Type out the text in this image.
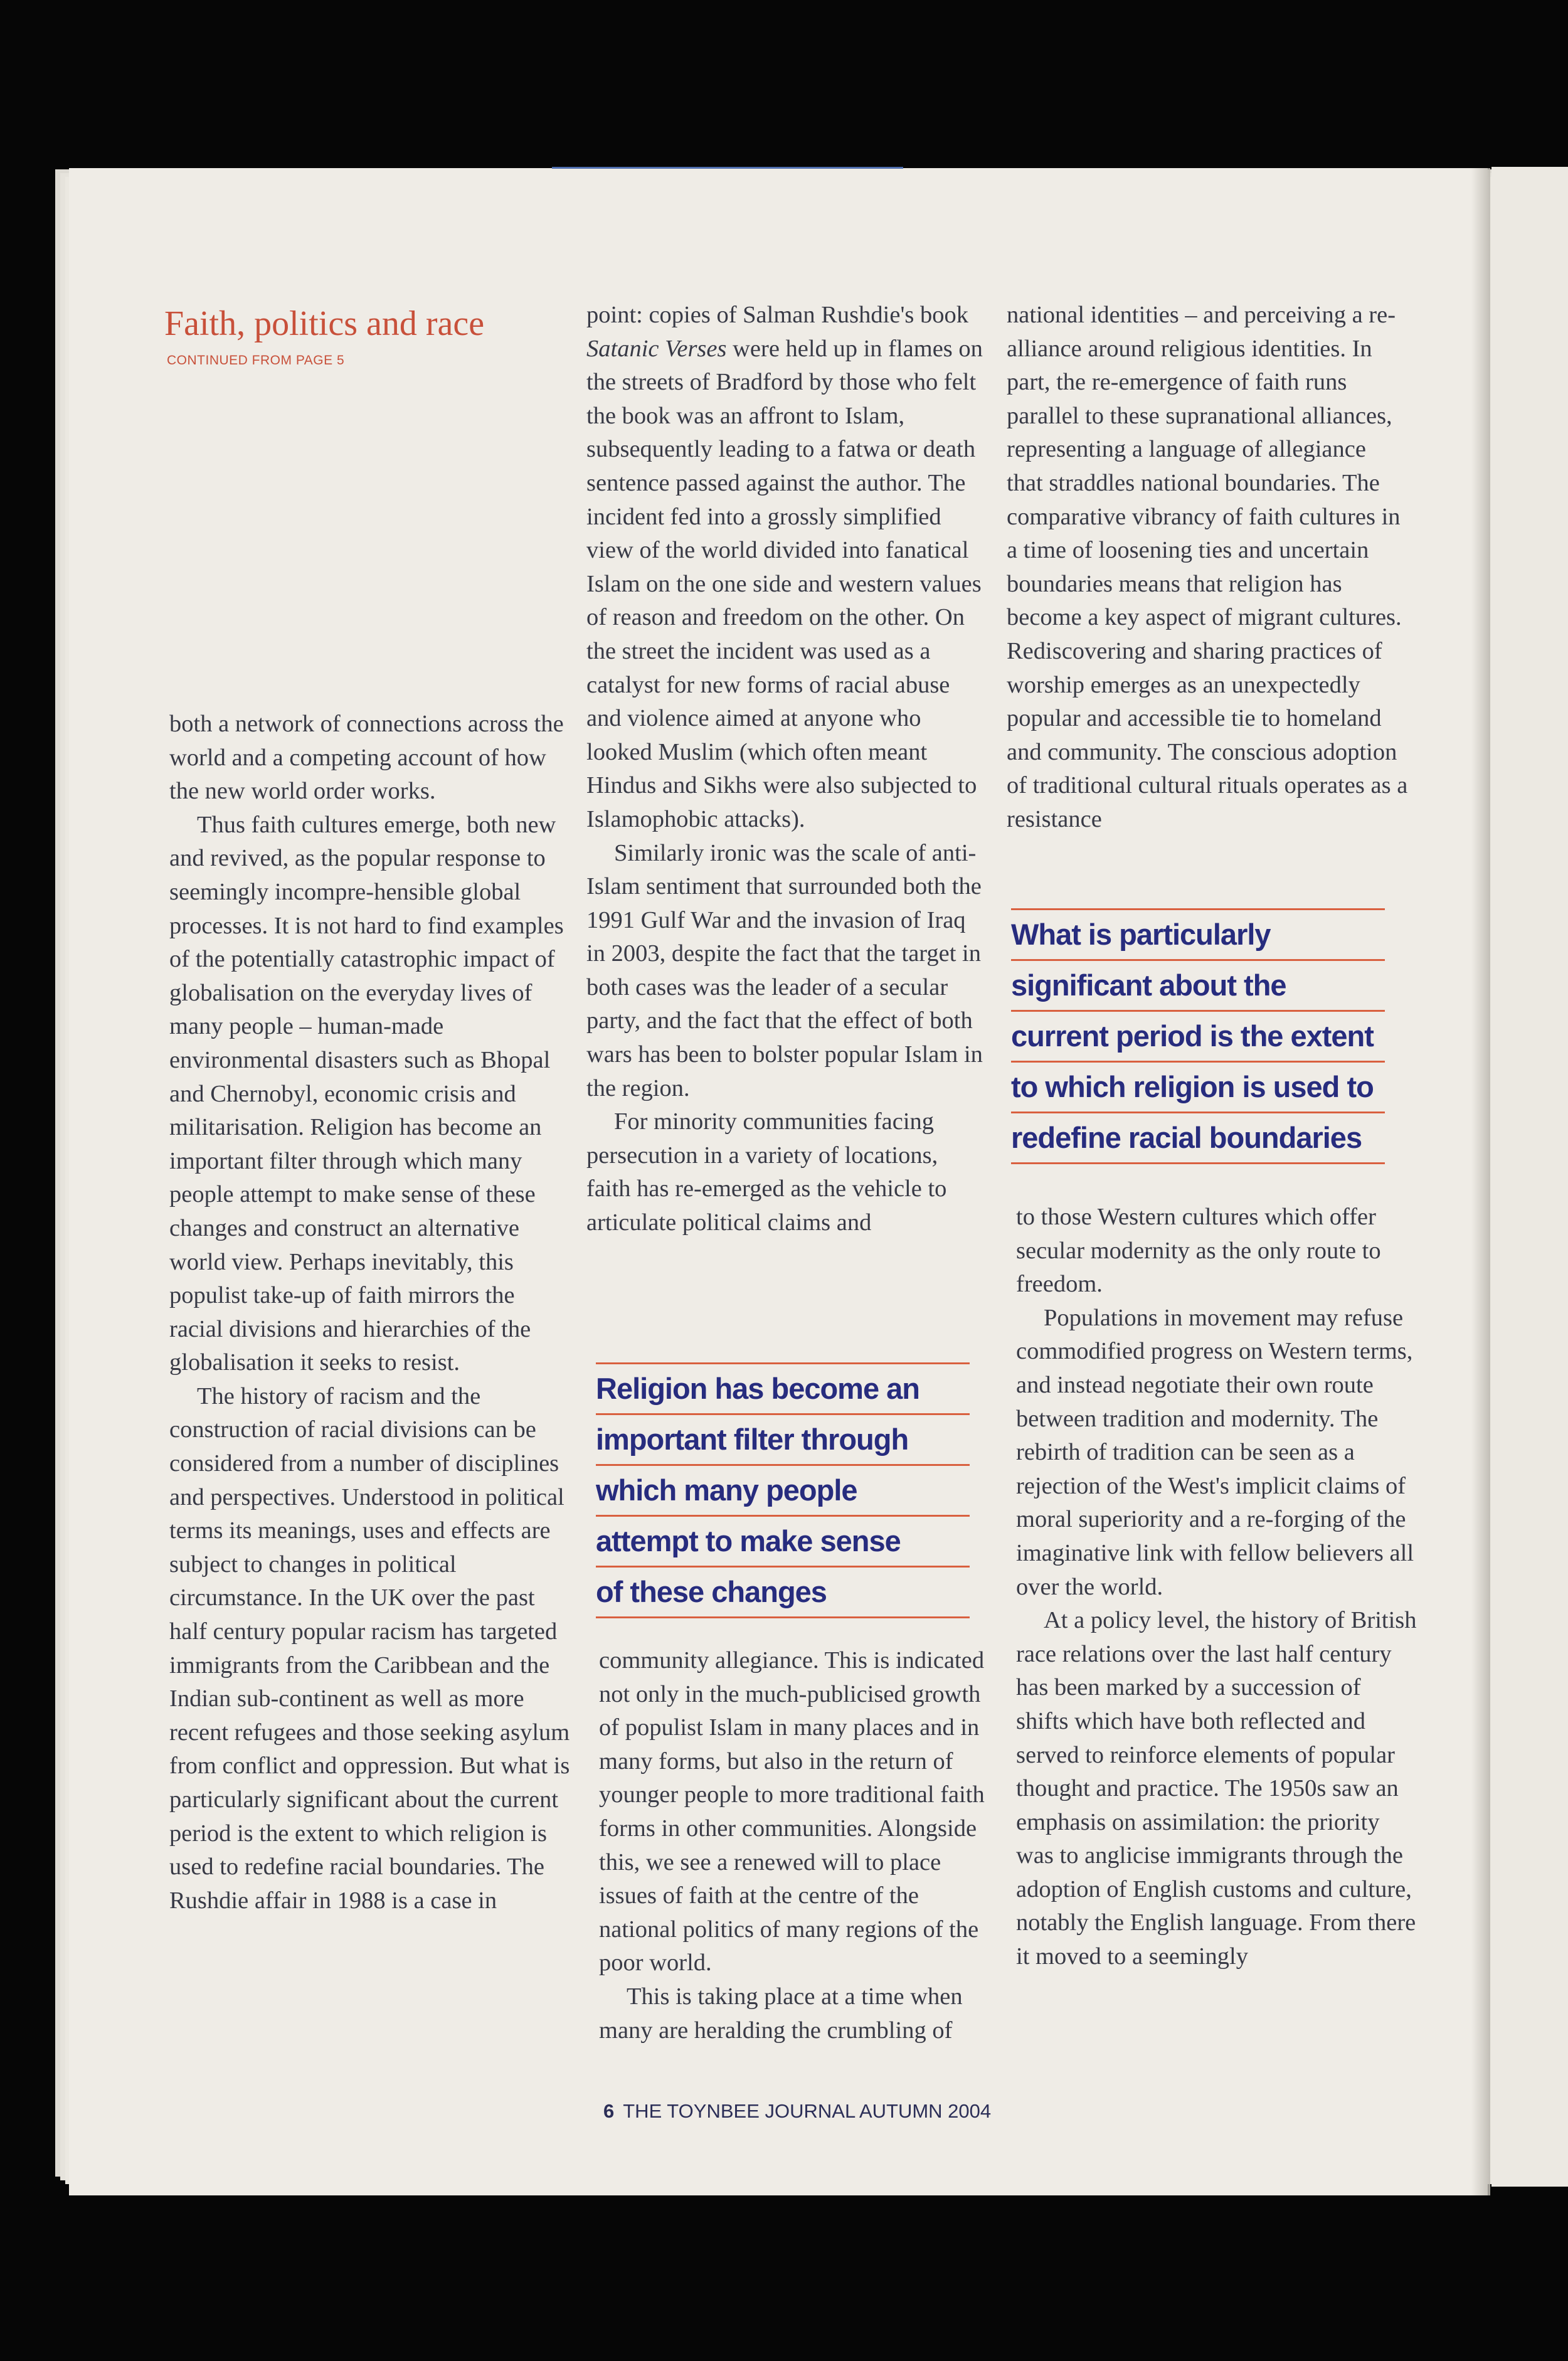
Faith, politics and race
CONTINUED FROM PAGE 5

both a network of connections across the world and a competing account of how the new world order works.

Thus faith cultures emerge, both new and revived, as the popular response to seemingly incompre-hensible global processes. It is not hard to find examples of the potentially catastrophic impact of globalisation on the everyday lives of many people – human-made environmental disasters such as Bhopal and Chernobyl, economic crisis and militarisation. Religion has become an important filter through which many people attempt to make sense of these changes and construct an alternative world view. Perhaps inevitably, this populist take-up of faith mirrors the racial divisions and hierarchies of the globalisation it seeks to resist.

The history of racism and the construction of racial divisions can be considered from a number of disciplines and perspectives. Understood in political terms its meanings, uses and effects are subject to changes in political circumstance. In the UK over the past half century popular racism has targeted immigrants from the Caribbean and the Indian sub-continent as well as more recent refugees and those seeking asylum from conflict and oppression. But what is particularly significant about the current period is the extent to which religion is used to redefine racial boundaries. The Rushdie affair in 1988 is a case in

point: copies of Salman Rushdie's book Satanic Verses were held up in flames on the streets of Bradford by those who felt the book was an affront to Islam, subsequently leading to a fatwa or death sentence passed against the author. The incident fed into a grossly simplified view of the world divided into fanatical Islam on the one side and western values of reason and freedom on the other. On the street the incident was used as a catalyst for new forms of racial abuse and violence aimed at anyone who looked Muslim (which often meant Hindus and Sikhs were also subjected to Islamophobic attacks).

Similarly ironic was the scale of anti-Islam sentiment that surrounded both the 1991 Gulf War and the invasion of Iraq in 2003, despite the fact that the target in both cases was the leader of a secular party, and the fact that the effect of both wars has been to bolster popular Islam in the region.

For minority communities facing persecution in a variety of locations, faith has re-emerged as the vehicle to articulate political claims and

Religion has become an
important filter through
which many people
attempt to make sense
of these changes

community allegiance. This is indicated not only in the much-publicised growth of populist Islam in many places and in many forms, but also in the return of younger people to more traditional faith forms in other communities. Alongside this, we see a renewed will to place issues of faith at the centre of the national politics of many regions of the poor world.

This is taking place at a time when many are heralding the crumbling of

national identities – and perceiving a re-alliance around religious identities. In part, the re-emergence of faith runs parallel to these supranational alliances, representing a language of allegiance that straddles national boundaries. The comparative vibrancy of faith cultures in a time of loosening ties and uncertain boundaries means that religion has become a key aspect of migrant cultures. Rediscovering and sharing practices of worship emerges as an unexpectedly popular and accessible tie to homeland and community. The conscious adoption of traditional cultural rituals operates as a resistance

What is particularly
significant about the
current period is the extent
to which religion is used to
redefine racial boundaries

to those Western cultures which offer secular modernity as the only route to freedom.

Populations in movement may refuse commodified progress on Western terms, and instead negotiate their own route between tradition and modernity. The rebirth of tradition can be seen as a rejection of the West's implicit claims of moral superiority and a re-forging of the imaginative link with fellow believers all over the world.

At a policy level, the history of British race relations over the last half century has been marked by a succession of shifts which have both reflected and served to reinforce elements of popular thought and practice. The 1950s saw an emphasis on assimilation: the priority was to anglicise immigrants through the adoption of English customs and culture, notably the English language. From there it moved to a seemingly

6 THE TOYNBEE JOURNAL AUTUMN 2004
